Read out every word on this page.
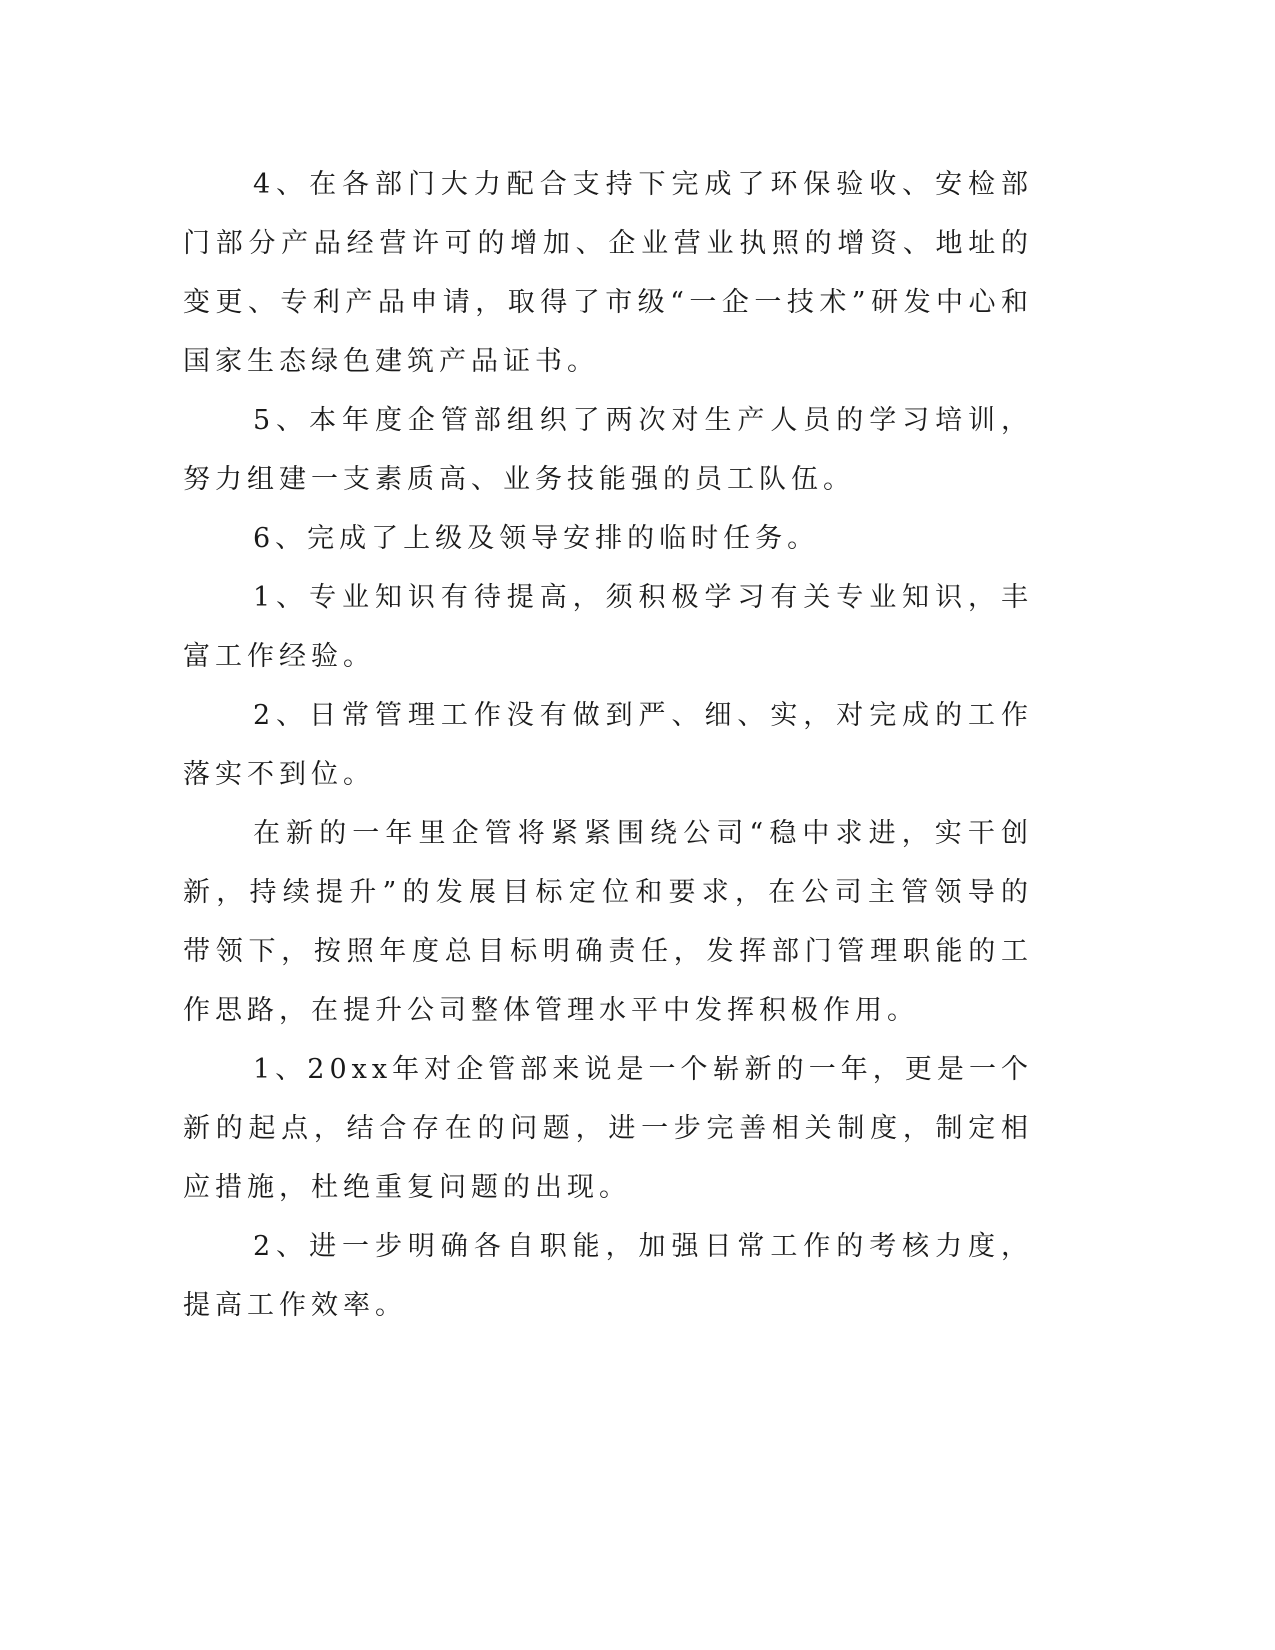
4、在各部门大力配合支持下完成了环保验收、安检部门部分产品经营许可的增加、企业营业执照的增资、地址的变更、专利产品申请，取得了市级“一企一技术”研发中心和国家生态绿色建筑产品证书。

5、本年度企管部组织了两次对生产人员的学习培训，努力组建一支素质高、业务技能强的员工队伍。

6、完成了上级及领导安排的临时任务。

1、专业知识有待提高，须积极学习有关专业知识，丰富工作经验。

2、日常管理工作没有做到严、细、实，对完成的工作落实不到位。

在新的一年里企管将紧紧围绕公司“稳中求进，实干创新，持续提升”的发展目标定位和要求，在公司主管领导的带领下，按照年度总目标明确责任，发挥部门管理职能的工作思路，在提升公司整体管理水平中发挥积极作用。

1、20xx年对企管部来说是一个崭新的一年，更是一个新的起点，结合存在的问题，进一步完善相关制度，制定相应措施，杜绝重复问题的出现。

2、进一步明确各自职能，加强日常工作的考核力度，提高工作效率。
